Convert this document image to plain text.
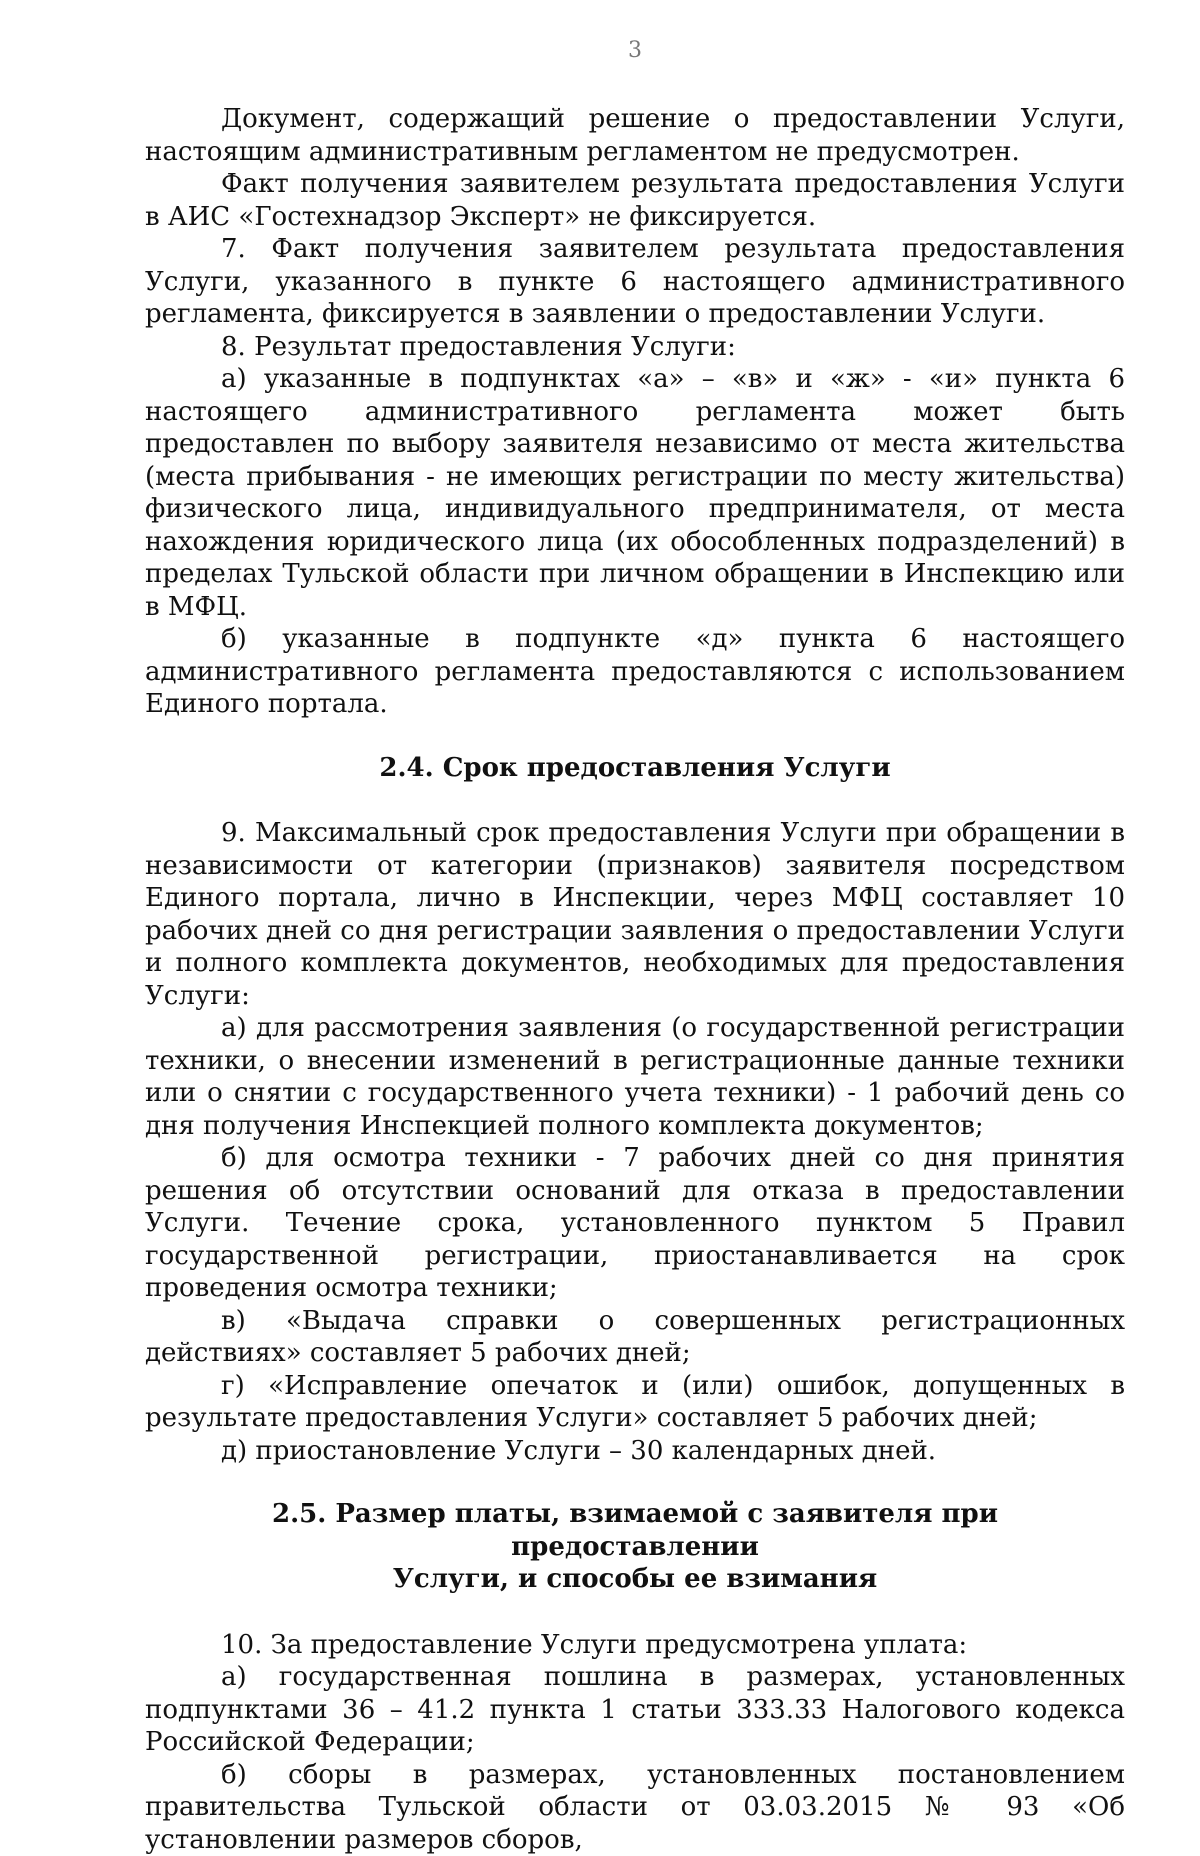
3

Документ, содержащий решение о предоставлении Услуги, настоящим административным регламентом не предусмотрен.

Факт получения заявителем результата предоставления Услуги в АИС «Гостехнадзор Эксперт» не фиксируется.

7. Факт получения заявителем результата предоставления Услуги, указанного в пункте 6 настоящего административного регламента, фиксируется в заявлении о предоставлении Услуги.

8. Результат предоставления Услуги:

а) указанные в подпунктах «а» – «в» и «ж» - «и» пункта 6 настоящего административного регламента может быть предоставлен по выбору заявителя независимо от места жительства (места прибывания - не имеющих регистрации по месту жительства) физического лица, индивидуального предпринимателя, от места нахождения юридического лица (их обособленных подразделений) в пределах Тульской области при личном обращении в Инспекцию или в МФЦ.

б) указанные в подпункте «д» пункта 6 настоящего административного регламента предоставляются с использованием Единого портала.

2.4. Срок предоставления Услуги

9. Максимальный срок предоставления Услуги при обращении в независимости от категории (признаков) заявителя посредством Единого портала, лично в Инспекции, через МФЦ составляет 10 рабочих дней со дня регистрации заявления о предоставлении Услуги и полного комплекта документов, необходимых для предоставления Услуги:

а) для рассмотрения заявления (о государственной регистрации техники, о внесении изменений в регистрационные данные техники или о снятии с государственного учета техники) - 1 рабочий день со дня получения Инспекцией полного комплекта документов;

б) для осмотра техники - 7 рабочих дней со дня принятия решения об отсутствии оснований для отказа в предоставлении Услуги. Течение срока, установленного пунктом 5 Правил государственной регистрации, приостанавливается на срок проведения осмотра техники;

в) «Выдача справки о совершенных регистрационных действиях» составляет 5 рабочих дней;

г) «Исправление опечаток и (или) ошибок, допущенных в результате предоставления Услуги» составляет 5 рабочих дней;

д) приостановление Услуги – 30 календарных дней.

2.5. Размер платы, взимаемой с заявителя при предоставлении
Услуги, и способы ее взимания

10. За предоставление Услуги предусмотрена уплата:

а) государственная пошлина в размерах, установленных подпунктами 36 – 41.2 пункта 1 статьи 333.33 Налогового кодекса Российской Федерации;

б) сборы в размерах, установленных постановлением правительства Тульской области от 03.03.2015 № 93 «Об установлении размеров сборов,
